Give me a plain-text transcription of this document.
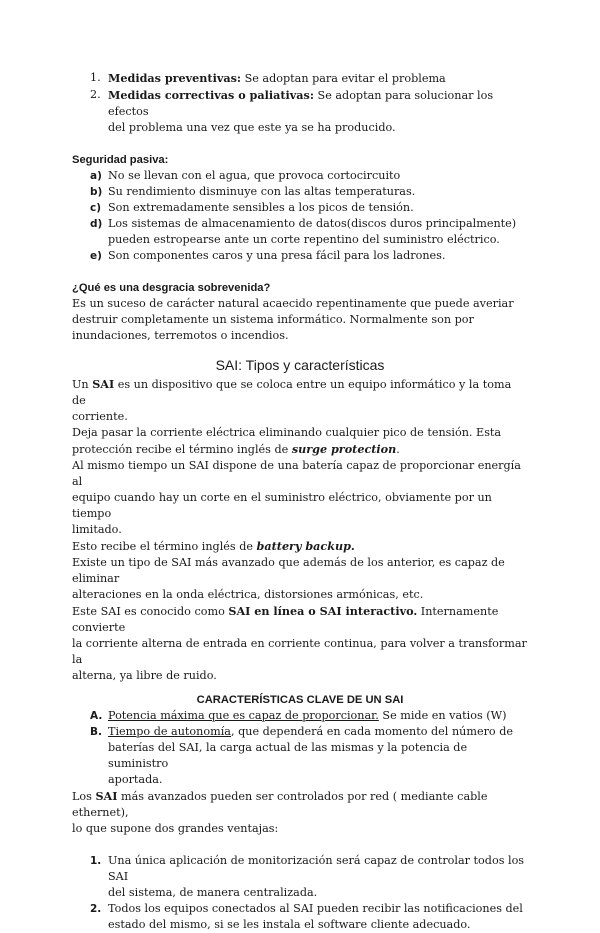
1. Medidas preventivas: Se adoptan para evitar el problema
2. Medidas correctivas o paliativas: Se adoptan para solucionar los efectos
del problema una vez que este ya se ha producido.

Seguridad pasiva:

a) No se llevan con el agua, que provoca cortocircuito
b) Su rendimiento disminuye con las altas temperaturas.
c) Son extremadamente sensibles a los picos de tensión.
d) Los sistemas de almacenamiento de datos(discos duros principalmente)
pueden estropearse ante un corte repentino del suministro eléctrico.
e) Son componentes caros y una presa fácil para los ladrones.

¿Qué es una desgracia sobrevenida?

Es un suceso de carácter natural acaecido repentinamente que puede averiar

destruir completamente un sistema informático. Normalmente son por

inundaciones, terremotos o incendios.

SAI: Tipos y características

Un SAI es un dispositivo que se coloca entre un equipo informático y la toma de
corriente.

Deja pasar la corriente eléctrica eliminando cualquier pico de tensión. Esta
protección recibe el término inglés de surge protection.

Al mismo tiempo un SAI dispone de una batería capaz de proporcionar energía al
equipo cuando hay un corte en el suministro eléctrico, obviamente por un tiempo
limitado.

Esto recibe el término inglés de battery backup.

Existe un tipo de SAI más avanzado que además de los anterior, es capaz de eliminar
alteraciones en la onda eléctrica, distorsiones armónicas, etc.

Este SAI es conocido como SAI en línea o SAI interactivo. Internamente convierte
la corriente alterna de entrada en corriente continua, para volver a transformar la
alterna, ya libre de ruido.

CARACTERÍSTICAS CLAVE DE UN SAI

A. Potencia máxima que es capaz de proporcionar. Se mide en vatios (W)
B. Tiempo de autonomía, que dependerá en cada momento del número de
baterías del SAI, la carga actual de las mismas y la potencia de suministro
aportada.

Los SAI más avanzados pueden ser controlados por red ( mediante cable ethernet),
lo que supone dos grandes ventajas:

1. Una única aplicación de monitorización será capaz de controlar todos los SAI
del sistema, de manera centralizada.
2. Todos los equipos conectados al SAI pueden recibir las notificaciones del
estado del mismo, si se les instala el software cliente adecuado.
